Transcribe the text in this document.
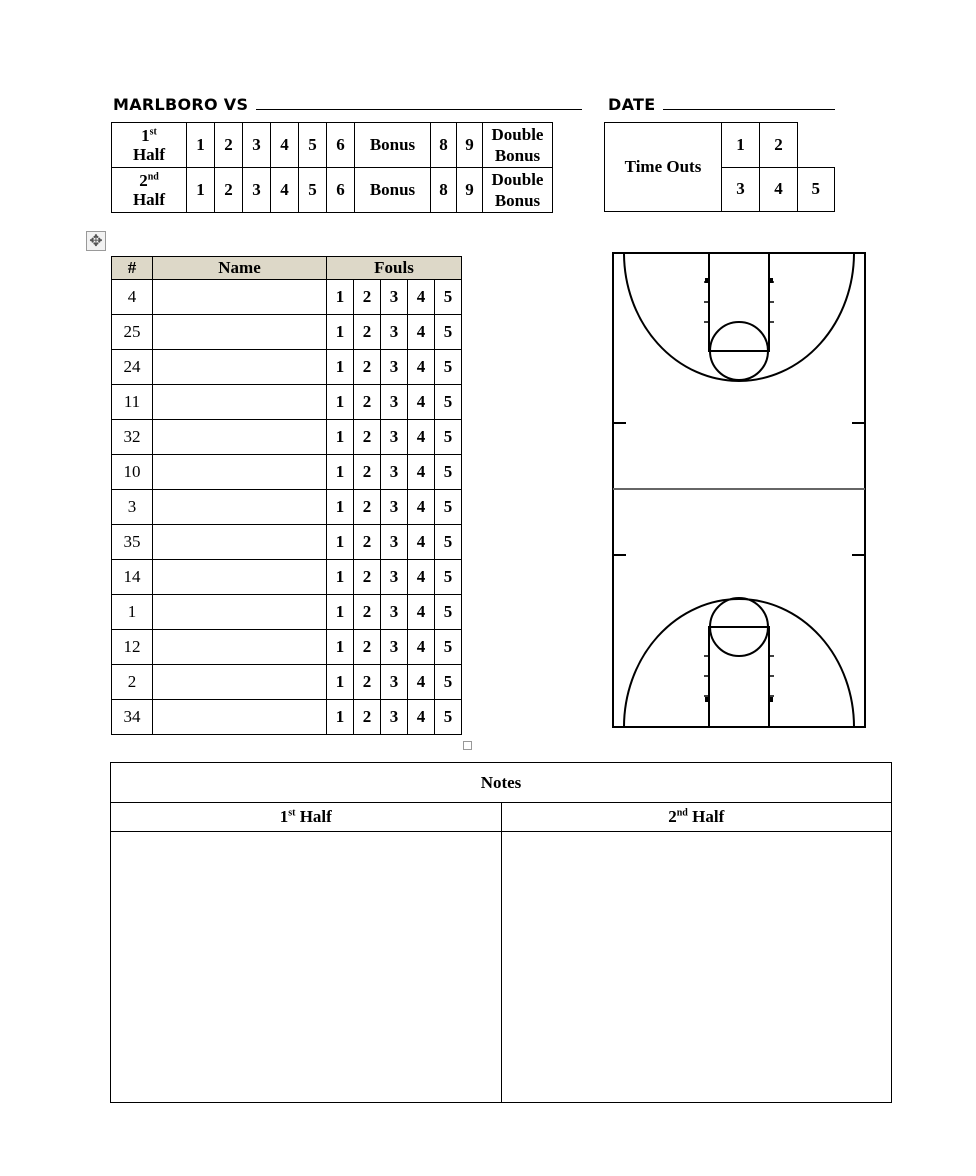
MARLBORO VS	DATE
1st
Half	1	2	3	4	5	6	Bonus	8	9	Double
Bonus
2nd
Half	1	2	3	4	5	6	Bonus	8	9	Double
Bonus
Time Outs	1	2	
	3	4	5
✥
#	Name	Fouls				
4		1	2	3	4	5
25		1	2	3	4	5
24		1	2	3	4	5
11		1	2	3	4	5
32		1	2	3	4	5
10		1	2	3	4	5
3		1	2	3	4	5
35		1	2	3	4	5
14		1	2	3	4	5
1		1	2	3	4	5
12		1	2	3	4	5
2		1	2	3	4	5
34		1	2	3	4	5
Notes	
1st Half	2nd Half
